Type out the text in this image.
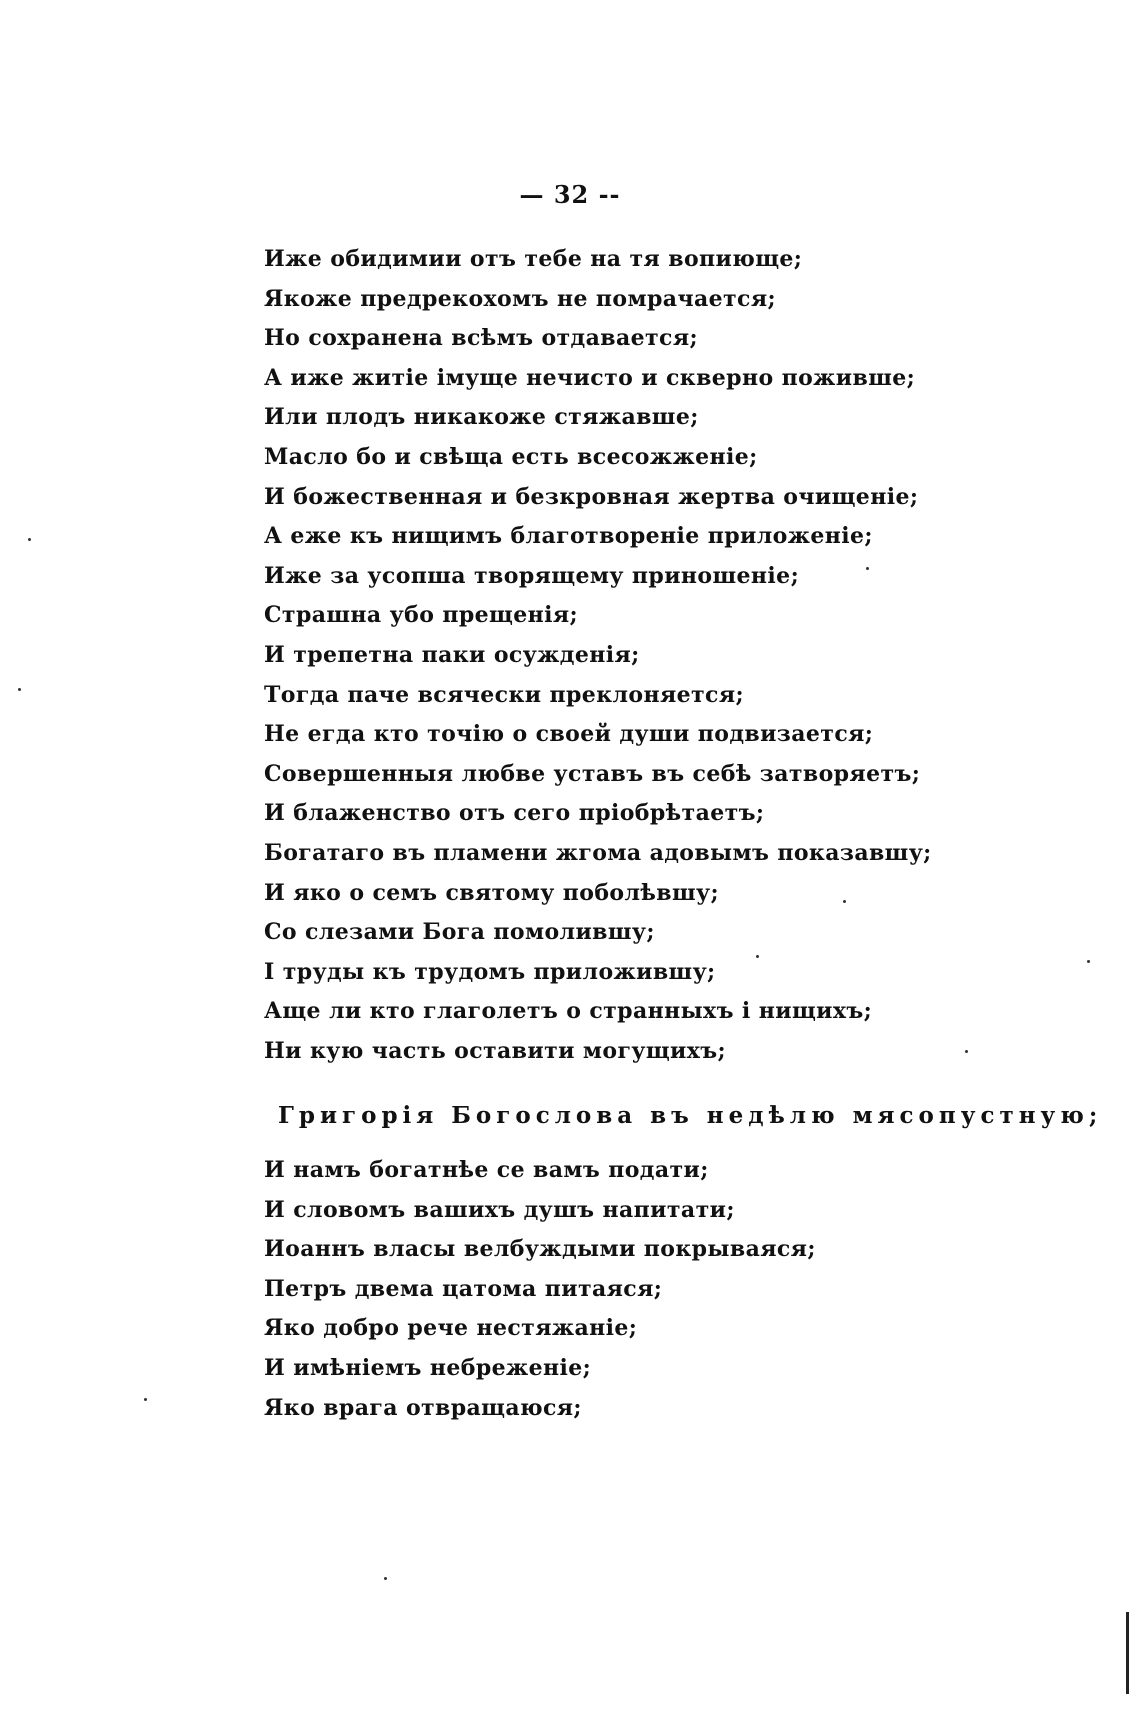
— 32 --
Иже обидимии отъ тебе на тя вопиюще;
Якоже предрекохомъ не помрачается;
Но сохранена всѣмъ отдавается;
А иже житіе імуще нечисто и скверно поживше;
Или плодъ никакоже стяжавше;
Масло бо и свѣща есть всесожженіе;
И божественная и безкровная жертва очищеніе;
А еже къ нищимъ благотвореніе приложеніе;
Иже за усопша творящему приношеніе;
Страшна убо прещенія;
И трепетна паки осужденія;
Тогда паче всячески преклоняется;
Не егда кто точію о своей души подвизается;
Совершенныя любве уставъ въ себѣ затворяетъ;
И блаженство отъ сего пріобрѣтаетъ;
Богатаго въ пламени жгома адовымъ показавшу;
И яко о семъ святому поболѣвшу;
Со слезами Бога помолившу;
І труды къ трудомъ приложившу;
Аще ли кто глаголетъ о странныхъ і нищихъ;
Ни кую часть оставити могущихъ;
Григорія Богослова въ недѣлю мясопустную;
И намъ богатнѣе се вамъ подати;
И словомъ вашихъ душъ напитати;
Иоаннъ власы велбуждыми покрываяся;
Петръ двема цатома питаяся;
Яко добро рече нестяжаніе;
И имѣніемъ небреженіе;
Яко врага отвращаюся;
